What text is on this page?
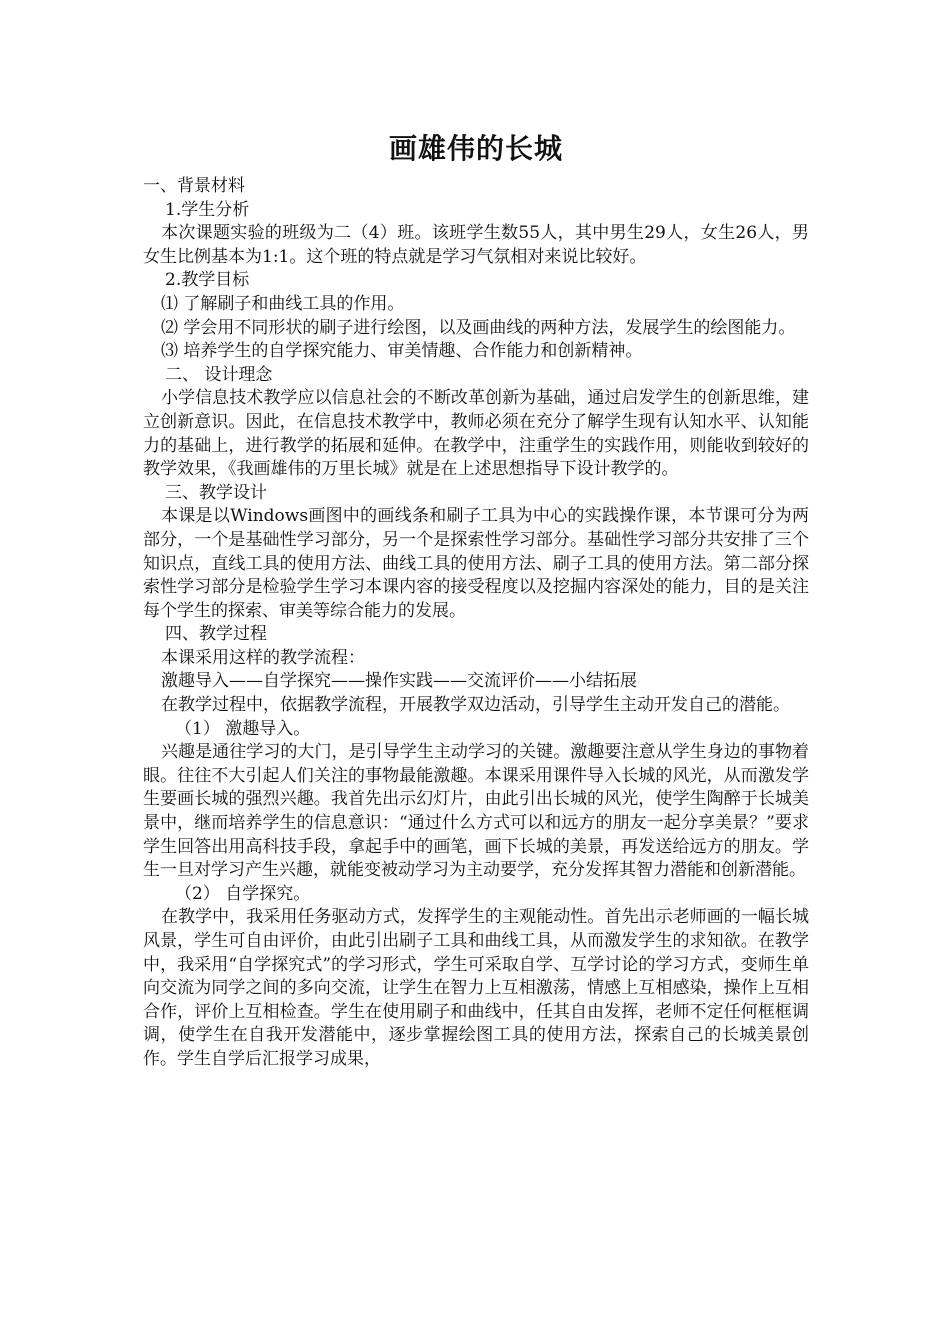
画雄伟的长城

一、背景材料

1.学生分析

本次课题实验的班级为二（4）班。该班学生数55人，其中男生29人，女生26人，男女生比例基本为1:1。这个班的特点就是学习气氛相对来说比较好。

2.教学目标

⑴ 了解刷子和曲线工具的作用。

⑵ 学会用不同形状的刷子进行绘图，以及画曲线的两种方法，发展学生的绘图能力。

⑶ 培养学生的自学探究能力、审美情趣、合作能力和创新精神。

二、 设计理念

小学信息技术教学应以信息社会的不断改革创新为基础，通过启发学生的创新思维，建立创新意识。因此，在信息技术教学中，教师必须在充分了解学生现有认知水平、认知能力的基础上，进行教学的拓展和延伸。在教学中，注重学生的实践作用，则能收到较好的教学效果，《我画雄伟的万里长城》就是在上述思想指导下设计教学的。

三、教学设计

本课是以Windows画图中的画线条和刷子工具为中心的实践操作课，本节课可分为两部分，一个是基础性学习部分，另一个是探索性学习部分。基础性学习部分共安排了三个知识点，直线工具的使用方法、曲线工具的使用方法、刷子工具的使用方法。第二部分探索性学习部分是检验学生学习本课内容的接受程度以及挖掘内容深处的能力，目的是关注每个学生的探索、审美等综合能力的发展。

四、教学过程

本课采用这样的教学流程：

激趣导入——自学探究——操作实践——交流评价——小结拓展

在教学过程中，依据教学流程，开展教学双边活动，引导学生主动开发自己的潜能。

（1） 激趣导入。

兴趣是通往学习的大门，是引导学生主动学习的关键。激趣要注意从学生身边的事物着眼。往往不大引起人们关注的事物最能激趣。本课采用课件导入长城的风光，从而激发学生要画长城的强烈兴趣。我首先出示幻灯片，由此引出长城的风光，使学生陶醉于长城美景中，继而培养学生的信息意识：“通过什么方式可以和远方的朋友一起分享美景？”要求学生回答出用高科技手段，拿起手中的画笔，画下长城的美景，再发送给远方的朋友。学生一旦对学习产生兴趣，就能变被动学习为主动要学，充分发挥其智力潜能和创新潜能。

（2） 自学探究。

在教学中，我采用任务驱动方式，发挥学生的主观能动性。首先出示老师画的一幅长城风景，学生可自由评价，由此引出刷子工具和曲线工具，从而激发学生的求知欲。在教学中，我采用“自学探究式”的学习形式，学生可采取自学、互学讨论的学习方式，变师生单向交流为同学之间的多向交流，让学生在智力上互相激荡，情感上互相感染，操作上互相合作，评价上互相检查。学生在使用刷子和曲线中，任其自由发挥，老师不定任何框框调调，使学生在自我开发潜能中，逐步掌握绘图工具的使用方法，探索自己的长城美景创作。学生自学后汇报学习成果，
